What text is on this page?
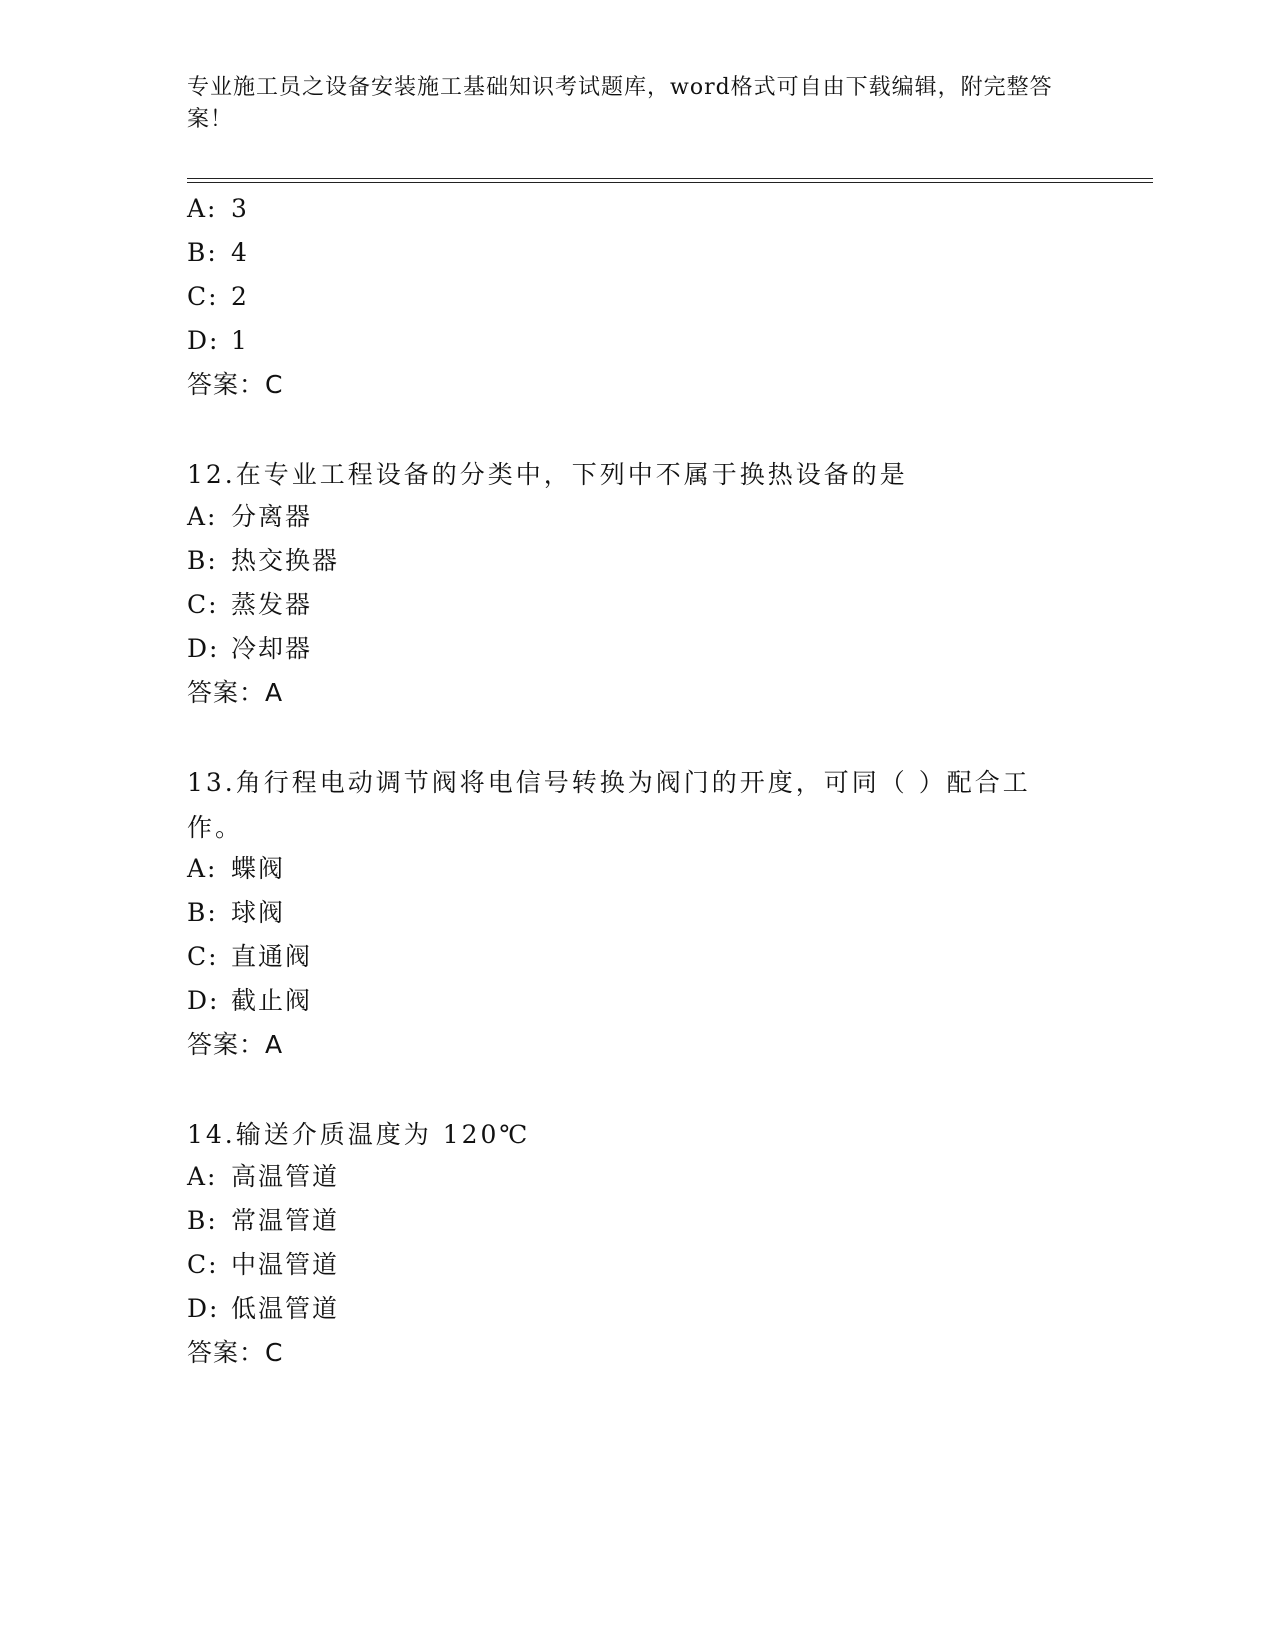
专业施工员之设备安装施工基础知识考试题库，word格式可自由下载编辑，附完整答案！
A: 3
B: 4
C: 2
D: 1
答案：C
12.在专业工程设备的分类中，下列中不属于换热设备的是
A: 分离器
B: 热交换器
C: 蒸发器
D: 冷却器
答案：A
13.角行程电动调节阀将电信号转换为阀门的开度，可同（ ）配合工作。
A: 蝶阀
B: 球阀
C: 直通阀
D: 截止阀
答案：A
14.输送介质温度为 120℃
A: 高温管道
B: 常温管道
C: 中温管道
D: 低温管道
答案：C
